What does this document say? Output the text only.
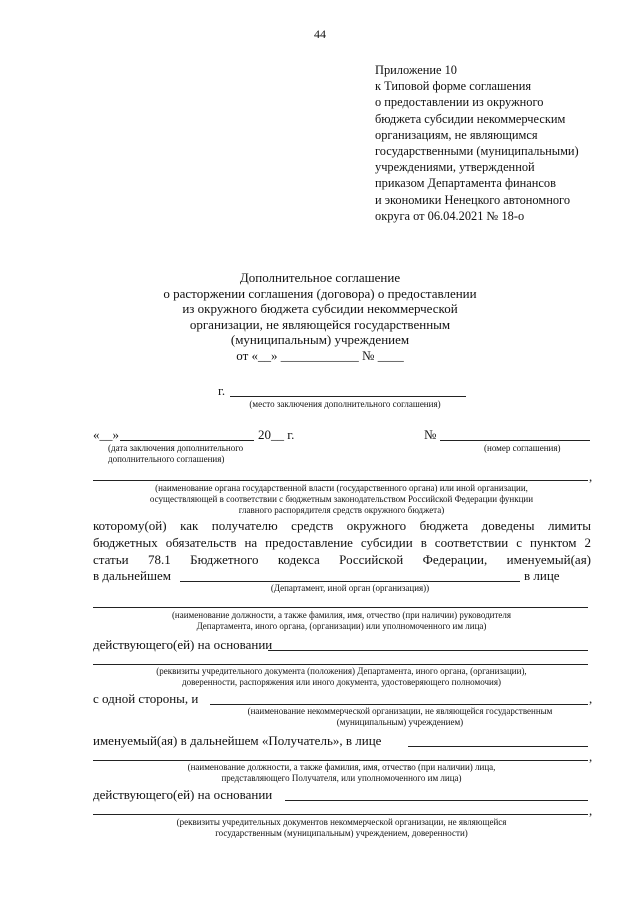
44
Приложение 10
к Типовой форме соглашения
о предоставлении из окружного
бюджета субсидии некоммерческим
организациям, не являющимся
государственными (муниципальными)
учреждениями, утвержденной
приказом Департамента финансов
и экономики Ненецкого автономного
округа от 06.04.2021 № 18-о
Дополнительное соглашение
о расторжении соглашения (договора) о предоставлении
из окружного бюджета субсидии некоммерческой
организации, не являющейся государственным
(муниципальным) учреждением
от «__» ____________ № ____
г.
(место заключения дополнительного соглашения)
«__»	20__ г.
(дата заключения дополнительного
дополнительного соглашения)
№
(номер соглашения)
,
(наименование органа государственной власти (государственного органа) или иной организации,
осуществляющей в соответствии с бюджетным законодательством Российской Федерации функции
главного распорядителя средств окружного бюджета)
которому(ой) как получателю средств окружного бюджета доведены лимиты
бюджетных обязательств на предоставление субсидии в соответствии с пунктом 2
статьи 78.1 Бюджетного кодекса Российской Федерации, именуемый(ая)
в дальнейшем	в лице
(Департамент, иной орган (организация))
(наименование должности, а также фамилия, имя, отчество (при наличии) руководителя
Департамента, иного органа, (организации) или уполномоченного им лица)
действующего(ей) на основании
(реквизиты учредительного документа (положения) Департамента, иного органа, (организации),
доверенности, распоряжения или иного документа, удостоверяющего полномочия)
с одной стороны, и	,
(наименование некоммерческой организации, не являющейся государственным
(муниципальным) учреждением)
именуемый(ая) в дальнейшем «Получатель», в лице
,
(наименование должности, а также фамилия, имя, отчество (при наличии) лица,
представляющего Получателя, или уполномоченного им лица)
действующего(ей) на основании
,
(реквизиты учредительных документов некоммерческой организации, не являющейся
государственным (муниципальным) учреждением, доверенности)
